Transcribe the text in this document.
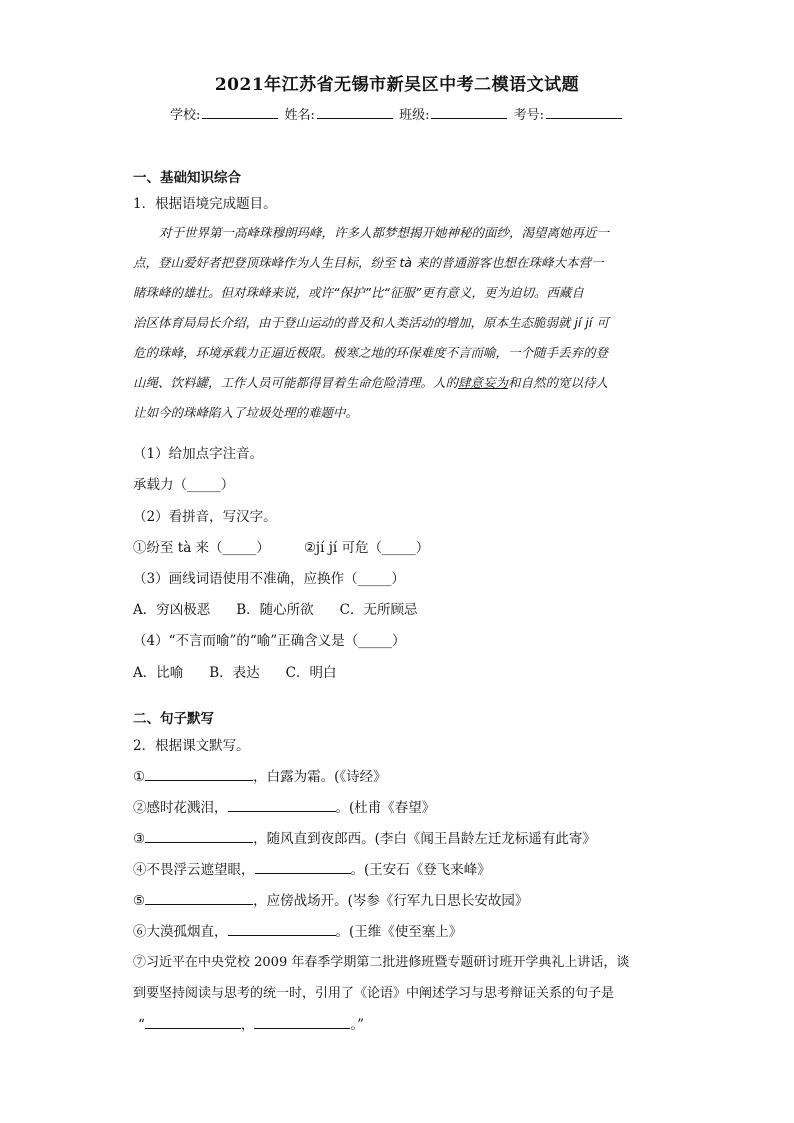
2021年江苏省无锡市新吴区中考二模语文试题
学校:	姓名:	班级:	考号:
一、基础知识综合
1．根据语境完成题目。
对于世界第一高峰珠穆朗玛峰，许多人都梦想揭开她神秘的面纱，渴望离她再近一
点，登山爱好者把登顶珠峰作为人生目标，纷至 tà 来的普通游客也想在珠峰大本营一
睹珠峰的雄壮。但对珠峰来说，或许“保护”比“征服”更有意义，更为迫切。西藏自
治区体育局局长介绍，由于登山运动的普及和人类活动的增加，原本生态脆弱就 jí jí 可
危的珠峰，环境承载力正逼近极限。极寒之地的环保难度不言而喻，一个随手丢弃的登
山绳、饮料罐，工作人员可能都得冒着生命危险清理。人的肆意妄为和自然的宽以待人
让如今的珠峰陷入了垃圾处理的难题中。
（1）给加点字注音。
承载力（_____）
（2）看拼音，写汉字。
①纷至 tà 来（_____）	②jí jí 可危（_____）
（3）画线词语使用不准确，应换作（_____）
A．穷凶极恶 B．随心所欲 C．无所顾忌
（4）“不言而喻”的“喻”正确含义是（_____）
A．比喻 B．表达 C．明白
二、句子默写
2．根据课文默写。
①	，白露为霜。(《诗经》
②感时花溅泪，	。(杜甫《春望》
③	，随风直到夜郎西。(李白《闻王昌龄左迁龙标遥有此寄》
④不畏浮云遮望眼，	。(王安石《登飞来峰》
⑤	，应傍战场开。(岑参《行军九日思长安故园》
⑥大漠孤烟直，	。(王维《使至塞上》
⑦习近平在中央党校 2009 年春季学期第二批进修班暨专题研讨班开学典礼上讲话，谈
到要坚持阅读与思考的统一时，引用了《论语》中阐述学习与思考辩证关系的句子是
“	，	。”
